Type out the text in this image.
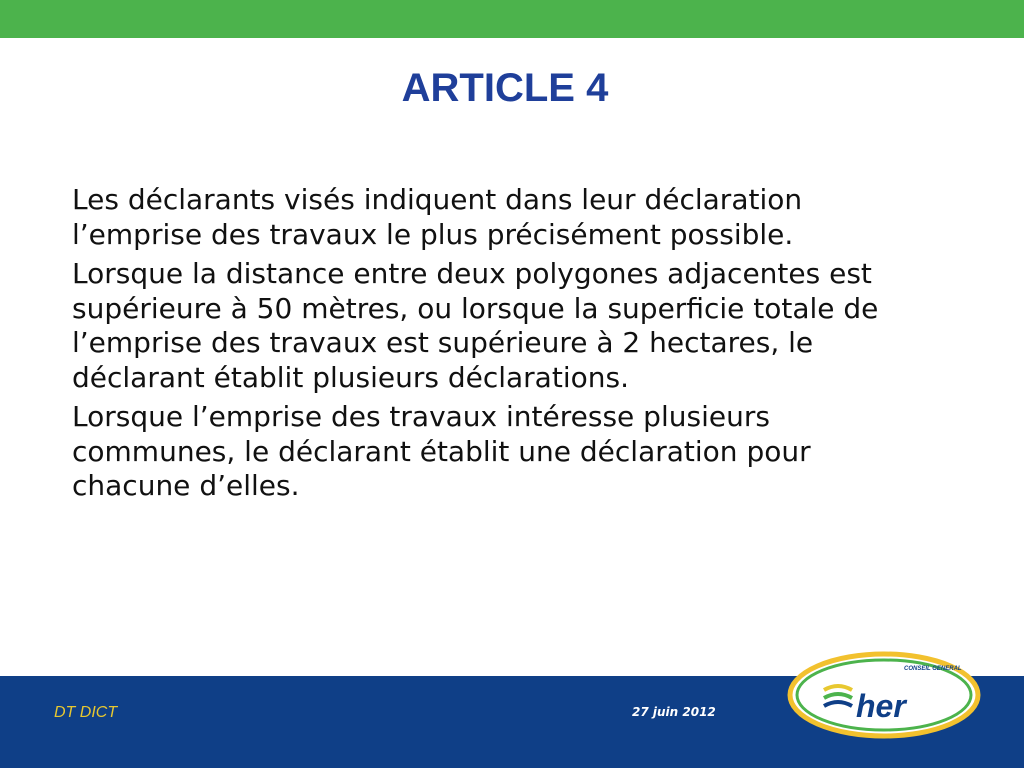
ARTICLE 4

Les déclarants visés indiquent dans leur déclaration l’emprise des travaux le plus précisément possible.

Lorsque la distance entre deux polygones adjacentes est supérieure à 50 mètres, ou lorsque la superficie totale de l’emprise des travaux est supérieure à 2 hectares, le déclarant établit plusieurs déclarations.

Lorsque l’emprise des travaux intéresse plusieurs communes, le déclarant établit une déclaration pour chacune d’elles.

DT DICT	27 juin 2012
CONSEIL GENERAL
her
